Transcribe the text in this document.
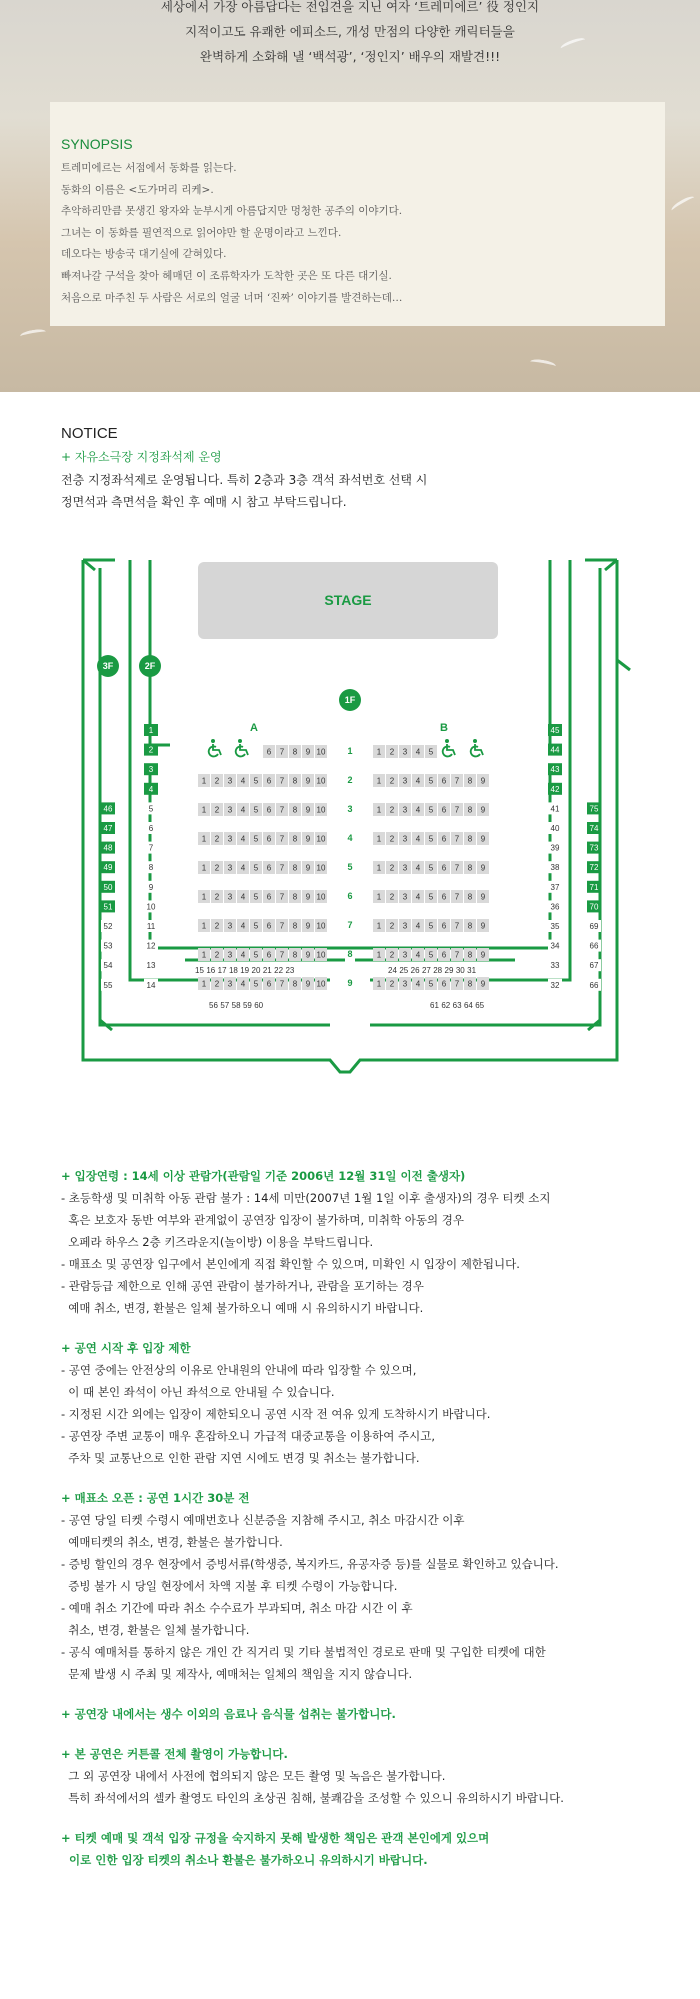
세상에서 가장 아름답다는 전입견을 지닌 여자 ‘트레미에르’ 役 정인지
지적이고도 유쾌한 에피소드, 개성 만점의 다양한 캐릭터들을
완벽하게 소화해 낼 ‘백석광’, ‘정인지’ 배우의 재발견!!!
SYNOPSIS
트레미에르는 서점에서 동화를 읽는다.
동화의 이름은 <도가머리 리케>.
추악하리만큼 못생긴 왕자와 눈부시게 아름답지만 멍청한 공주의 이야기다.
그녀는 이 동화를 필연적으로 읽어야만 할 운명이라고 느낀다.
데오다는 방송국 대기실에 갇혀있다.
빠져나갈 구석을 찾아 헤매던 이 조류학자가 도착한 곳은 또 다른 대기실.
처음으로 마주친 두 사람은 서로의 얼굴 너머 ‘진짜’ 이야기를 발견하는데…
NOTICE
+ 자유소극장 지정좌석제 운영
전층 지정좌석제로 운영됩니다. 특히 2층과 3층 객석 좌석번호 선택 시
정면석과 측면석을 확인 후 예매 시 참고 부탁드립니다.
STAGE
3F	2F
1F
A	B
1
6 7 8 9 10	1 2 3 4 5
2
1 2 3 4 5 6 7 8 9 10	1 2 3 4 5 6 7 8 9
3
1 2 3 4 5 6 7 8 9 10	1 2 3 4 5 6 7 8 9
4
1 2 3 4 5 6 7 8 9 10	1 2 3 4 5 6 7 8 9
5
1 2 3 4 5 6 7 8 9 10	1 2 3 4 5 6 7 8 9
6
1 2 3 4 5 6 7 8 9 10	1 2 3 4 5 6 7 8 9
7
1 2 3 4 5 6 7 8 9 10	1 2 3 4 5 6 7 8 9
8
1 2 3 4 5 6 7 8 9 10	1 2 3 4 5 6 7 8 9
9
1 2 3 4 5 6 7 8 9 10	1 2 3 4 5 6 7 8 9
1
2
3
4
5
6
7
8
9
10
11
12
13
14
45
44
43
42
41
40
39
38
37
36
35
34
33
32
46
47
48
49
50
51
52
53
54
55
75
74
73
72
71
70
69
66
67
66
15 16 17 18 19 20 21 22 23	24 25 26 27 28 29 30 31
56 57 58 59 60	61 62 63 64 65
+ 입장연령 : 14세 이상 관람가(관람일 기준 2006년 12월 31일 이전 출생자)
- 초등학생 및 미취학 아동 관람 불가 : 14세 미만(2007년 1월 1일 이후 출생자)의 경우 티켓 소지
혹은 보호자 동반 여부와 관계없이 공연장 입장이 불가하며, 미취학 아동의 경우
오페라 하우스 2층 키즈라운지(놀이방) 이용을 부탁드립니다.
- 매표소 및 공연장 입구에서 본인에게 직접 확인할 수 있으며, 미확인 시 입장이 제한됩니다.
- 관람등급 제한으로 인해 공연 관람이 불가하거나, 관람을 포기하는 경우
예매 취소, 변경, 환불은 일체 불가하오니 예매 시 유의하시기 바랍니다.
+ 공연 시작 후 입장 제한
- 공연 중에는 안전상의 이유로 안내원의 안내에 따라 입장할 수 있으며,
이 때 본인 좌석이 아닌 좌석으로 안내될 수 있습니다.
- 지정된 시간 외에는 입장이 제한되오니 공연 시작 전 여유 있게 도착하시기 바랍니다.
- 공연장 주변 교통이 매우 혼잡하오니 가급적 대중교통을 이용하여 주시고,
주차 및 교통난으로 인한 관람 지연 시에도 변경 및 취소는 불가합니다.
+ 매표소 오픈 : 공연 1시간 30분 전
- 공연 당일 티켓 수령시 예매번호나 신분증을 지참해 주시고, 취소 마감시간 이후
예매티켓의 취소, 변경, 환불은 불가합니다.
- 증빙 할인의 경우 현장에서 증빙서류(학생증, 복지카드, 유공자증 등)를 실물로 확인하고 있습니다.
증빙 불가 시 당일 현장에서 차액 지불 후 티켓 수령이 가능합니다.
- 예매 취소 기간에 따라 취소 수수료가 부과되며, 취소 마감 시간 이 후
취소, 변경, 환불은 일체 불가합니다.
- 공식 예매처를 통하지 않은 개인 간 직거리 및 기타 불법적인 경로로 판매 및 구입한 티켓에 대한
문제 발생 시 주최 및 제작사, 예매처는 일체의 책임을 지지 않습니다.
+ 공연장 내에서는 생수 이외의 음료나 음식물 섭취는 불가합니다.
+ 본 공연은 커튼콜 전체 촬영이 가능합니다.
그 외 공연장 내에서 사전에 협의되지 않은 모든 촬영 및 녹음은 불가합니다.
특히 좌석에서의 셀카 촬영도 타인의 초상권 침해, 불쾌감을 조성할 수 있으니 유의하시기 바랍니다.
+ 티켓 예매 및 객석 입장 규정을 숙지하지 못해 발생한 책임은 관객 본인에게 있으며
이로 인한 입장 티켓의 취소나 환불은 불가하오니 유의하시기 바랍니다.
